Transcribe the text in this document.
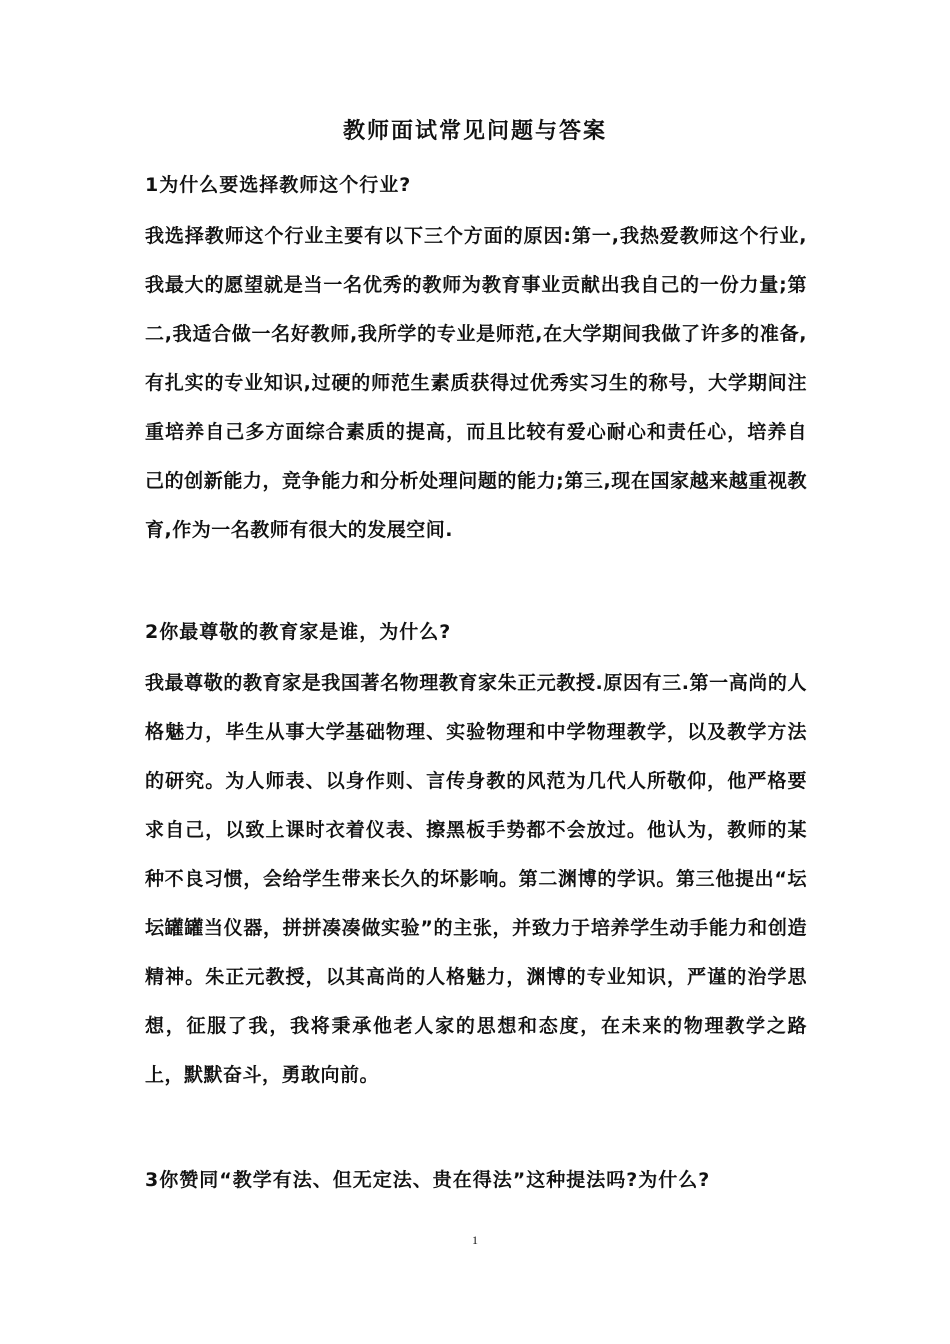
教师面试常见问题与答案
1为什么要选择教师这个行业?
我选择教师这个行业主要有以下三个方面的原因:第一,我热爱教师这个行业,我最大的愿望就是当一名优秀的教师为教育事业贡献出我自己的一份力量;第二,我适合做一名好教师,我所学的专业是师范,在大学期间我做了许多的准备,有扎实的专业知识,过硬的师范生素质获得过优秀实习生的称号，大学期间注重培养自己多方面综合素质的提高，而且比较有爱心耐心和责任心，培养自己的创新能力，竞争能力和分析处理问题的能力;第三,现在国家越来越重视教育,作为一名教师有很大的发展空间.
2你最尊敬的教育家是谁，为什么?
我最尊敬的教育家是我国著名物理教育家朱正元教授.原因有三.第一高尚的人格魅力，毕生从事大学基础物理、实验物理和中学物理教学，以及教学方法的研究。为人师表、以身作则、言传身教的风范为几代人所敬仰，他严格要求自己，以致上课时衣着仪表、擦黑板手势都不会放过。他认为，教师的某种不良习惯，会给学生带来长久的坏影响。第二渊博的学识。第三他提出“坛坛罐罐当仪器，拼拼凑凑做实验”的主张，并致力于培养学生动手能力和创造精神。朱正元教授，以其高尚的人格魅力，渊博的专业知识，严谨的治学思想，征服了我，我将秉承他老人家的思想和态度，在未来的物理教学之路上，默默奋斗，勇敢向前。
3你赞同“教学有法、但无定法、贵在得法”这种提法吗?为什么?
1
